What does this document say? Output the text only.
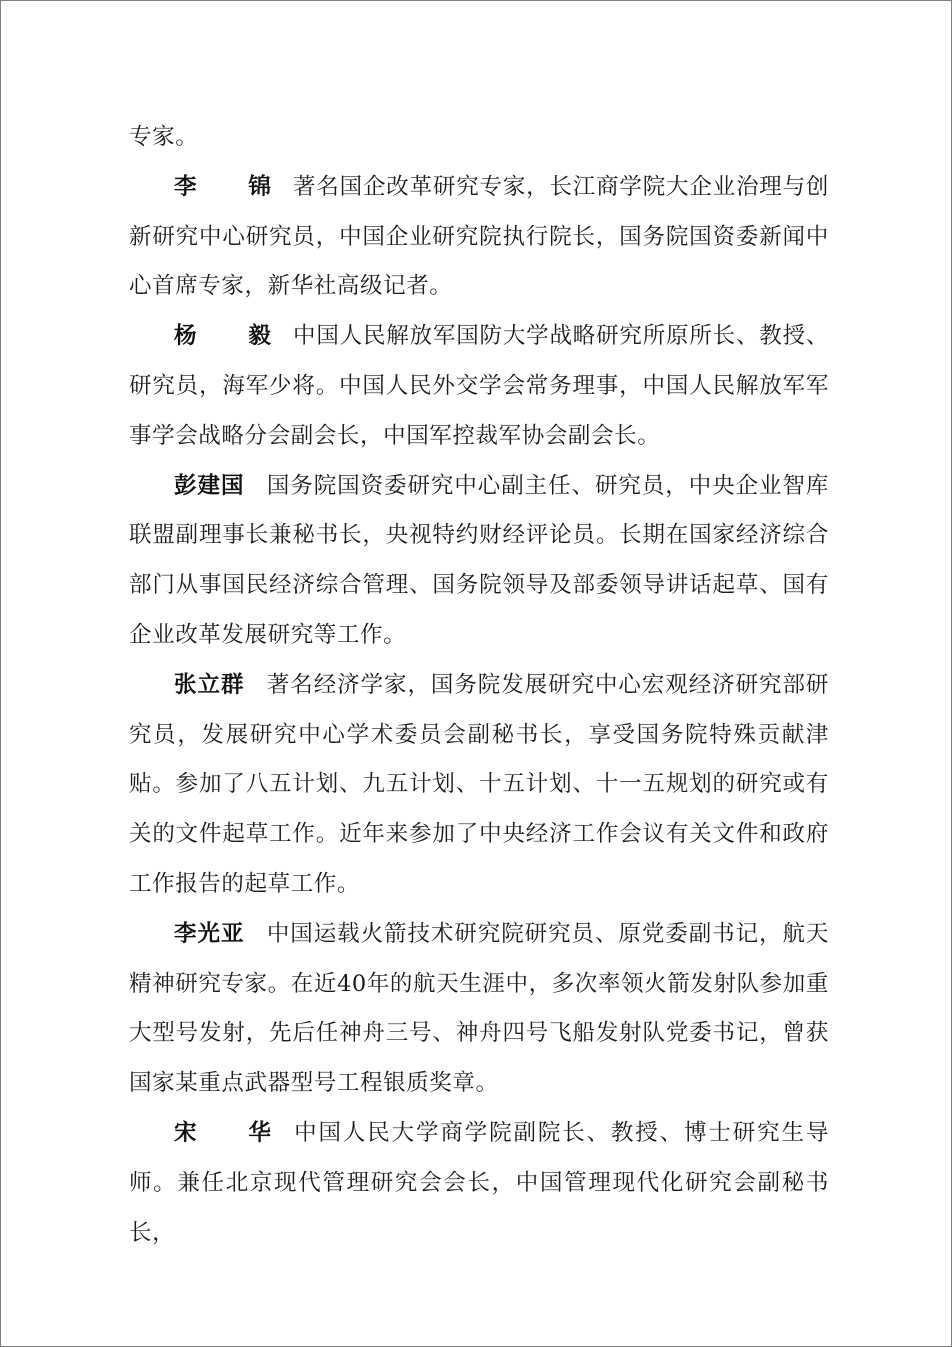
专家。

李 锦著名国企改革研究专家，长江商学院大企业治理与创新研究中心研究员，中国企业研究院执行院长，国务院国资委新闻中心首席专家，新华社高级记者。

杨 毅中国人民解放军国防大学战略研究所原所长、教授、研究员，海军少将。中国人民外交学会常务理事，中国人民解放军军事学会战略分会副会长，中国军控裁军协会副会长。

彭建国 国务院国资委研究中心副主任、研究员，中央企业智库联盟副理事长兼秘书长，央视特约财经评论员。长期在国家经济综合部门从事国民经济综合管理、国务院领导及部委领导讲话起草、国有企业改革发展研究等工作。

张立群 著名经济学家，国务院发展研究中心宏观经济研究部研究员，发展研究中心学术委员会副秘书长，享受国务院特殊贡献津贴。参加了八五计划、九五计划、十五计划、十一五规划的研究或有关的文件起草工作。近年来参加了中央经济工作会议有关文件和政府工作报告的起草工作。

李光亚 中国运载火箭技术研究院研究员、原党委副书记，航天精神研究专家。在近40年的航天生涯中，多次率领火箭发射队参加重大型号发射，先后任神舟三号、神舟四号飞船发射队党委书记，曾获国家某重点武器型号工程银质奖章。

宋 华中国人民大学商学院副院长、教授、博士研究生导师。兼任北京现代管理研究会会长，中国管理现代化研究会副秘书长，
